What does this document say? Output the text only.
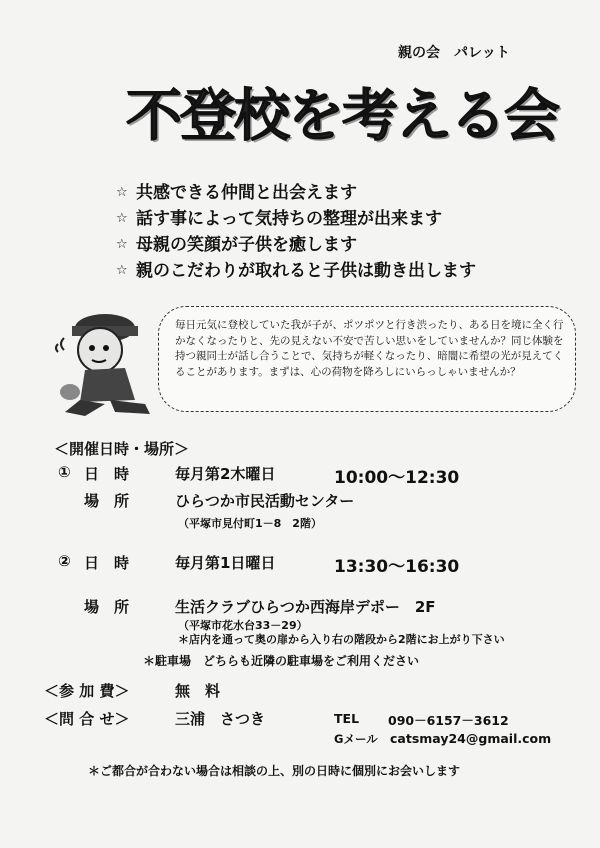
親の会　パレット
不登校を考える会
☆ 共感できる仲間と出会えます
☆ 話す事によって気持ちの整理が出来ます
☆ 母親の笑顔が子供を癒します
☆ 親のこだわりが取れると子供は動き出します
毎日元気に登校していた我が子が、ポツポツと行き渋ったり、ある日を境に全く行かなくなったりと、先の見えない不安で苦しい思いをしていませんか？同じ体験を持つ親同士が話し合うことで、気持ちが軽くなったり、暗闇に希望の光が見えてくることがあります。まずは、心の荷物を降ろしにいらっしゃいませんか？
＜開催日時・場所＞
① 日　時	毎月第2木曜日	10:00～12:30
場　所	ひらつか市民活動センター
（平塚市見付町1－8　2階）
② 日　時	毎月第1日曜日	13:30～16:30
場　所	生活クラブひらつか西海岸デポー　2F
（平塚市花水台33－29）
＊店内を通って奥の扉から入り右の階段から2階にお上がり下さい
＊駐車場　どちらも近隣の駐車場をご利用ください
＜参 加 費＞	無　料
＜問 合 せ＞	三浦　さつき	TEL 090－6157－3612
Gメール catsmay24@gmail.com
＊ご都合が合わない場合は相談の上、別の日時に個別にお会いします
